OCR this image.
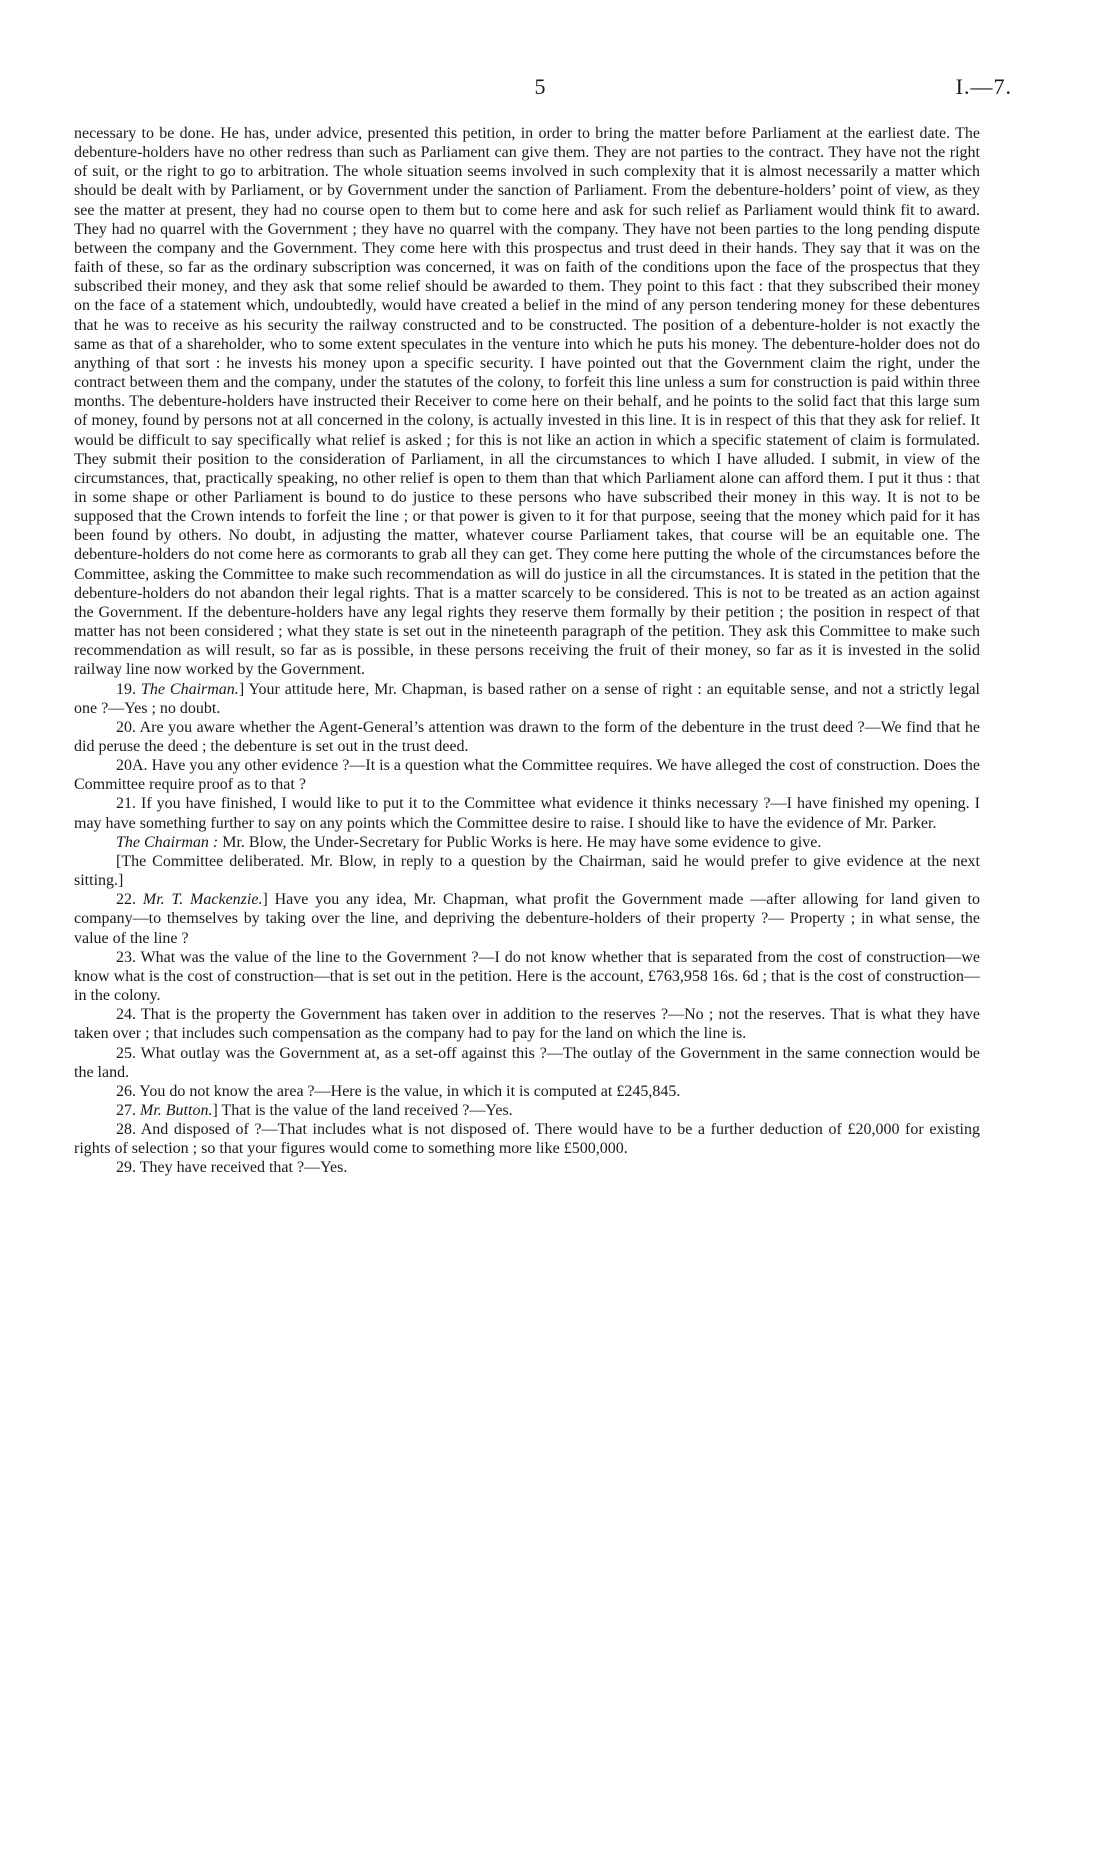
5	I.—7.

necessary to be done. He has, under advice, presented this petition, in order to bring the matter before Parliament at the earliest date. The debenture-holders have no other redress than such as Parliament can give them. They are not parties to the contract. They have not the right of suit, or the right to go to arbitration. The whole situation seems involved in such complexity that it is almost necessarily a matter which should be dealt with by Parliament, or by Government under the sanction of Parliament. From the debenture-holders’ point of view, as they see the matter at present, they had no course open to them but to come here and ask for such relief as Parliament would think fit to award. They had no quarrel with the Government ; they have no quarrel with the company. They have not been parties to the long pending dispute between the company and the Government. They come here with this prospectus and trust deed in their hands. They say that it was on the faith of these, so far as the ordinary subscription was concerned, it was on faith of the conditions upon the face of the prospectus that they subscribed their money, and they ask that some relief should be awarded to them. They point to this fact : that they subscribed their money on the face of a statement which, undoubtedly, would have created a belief in the mind of any person tendering money for these debentures that he was to receive as his security the railway constructed and to be constructed. The position of a debenture-holder is not exactly the same as that of a shareholder, who to some extent speculates in the venture into which he puts his money. The debenture-holder does not do anything of that sort : he invests his money upon a specific security. I have pointed out that the Government claim the right, under the contract between them and the company, under the statutes of the colony, to forfeit this line unless a sum for construction is paid within three months. The debenture-holders have instructed their Receiver to come here on their behalf, and he points to the solid fact that this large sum of money, found by persons not at all concerned in the colony, is actually invested in this line. It is in respect of this that they ask for relief. It would be difficult to say specifically what relief is asked ; for this is not like an action in which a specific statement of claim is formulated. They submit their position to the consideration of Parliament, in all the circumstances to which I have alluded. I submit, in view of the circumstances, that, practically speaking, no other relief is open to them than that which Parliament alone can afford them. I put it thus : that in some shape or other Parliament is bound to do justice to these persons who have subscribed their money in this way. It is not to be supposed that the Crown intends to forfeit the line ; or that power is given to it for that purpose, seeing that the money which paid for it has been found by others. No doubt, in adjusting the matter, whatever course Parliament takes, that course will be an equitable one. The debenture-holders do not come here as cormorants to grab all they can get. They come here putting the whole of the circumstances before the Committee, asking the Committee to make such recommendation as will do justice in all the circumstances. It is stated in the petition that the debenture-holders do not abandon their legal rights. That is a matter scarcely to be considered. This is not to be treated as an action against the Government. If the debenture-holders have any legal rights they reserve them formally by their petition ; the position in respect of that matter has not been considered ; what they state is set out in the nineteenth paragraph of the petition. They ask this Committee to make such recommendation as will result, so far as is possible, in these persons receiving the fruit of their money, so far as it is invested in the solid railway line now worked by the Government.

19. The Chairman.] Your attitude here, Mr. Chapman, is based rather on a sense of right : an equitable sense, and not a strictly legal one ?—Yes ; no doubt.

20. Are you aware whether the Agent-General’s attention was drawn to the form of the debenture in the trust deed ?—We find that he did peruse the deed ; the debenture is set out in the trust deed.

20A. Have you any other evidence ?—It is a question what the Committee requires. We have alleged the cost of construction. Does the Committee require proof as to that ?

21. If you have finished, I would like to put it to the Committee what evidence it thinks necessary ?—I have finished my opening. I may have something further to say on any points which the Committee desire to raise. I should like to have the evidence of Mr. Parker.

The Chairman : Mr. Blow, the Under-Secretary for Public Works is here. He may have some evidence to give.

[The Committee deliberated. Mr. Blow, in reply to a question by the Chairman, said he would prefer to give evidence at the next sitting.]

22. Mr. T. Mackenzie.] Have you any idea, Mr. Chapman, what profit the Government made —after allowing for land given to company—to themselves by taking over the line, and depriving the debenture-holders of their property ?— Property ; in what sense, the value of the line ?

23. What was the value of the line to the Government ?—I do not know whether that is separated from the cost of construction—we know what is the cost of construction—that is set out in the petition. Here is the account, £763,958 16s. 6d ; that is the cost of construction—in the colony.

24. That is the property the Government has taken over in addition to the reserves ?—No ; not the reserves. That is what they have taken over ; that includes such compensation as the company had to pay for the land on which the line is.

25. What outlay was the Government at, as a set-off against this ?—The outlay of the Government in the same connection would be the land.

26. You do not know the area ?—Here is the value, in which it is computed at £245,845.

27. Mr. Button.] That is the value of the land received ?—Yes.

28. And disposed of ?—That includes what is not disposed of. There would have to be a further deduction of £20,000 for existing rights of selection ; so that your figures would come to something more like £500,000.

29. They have received that ?—Yes.
